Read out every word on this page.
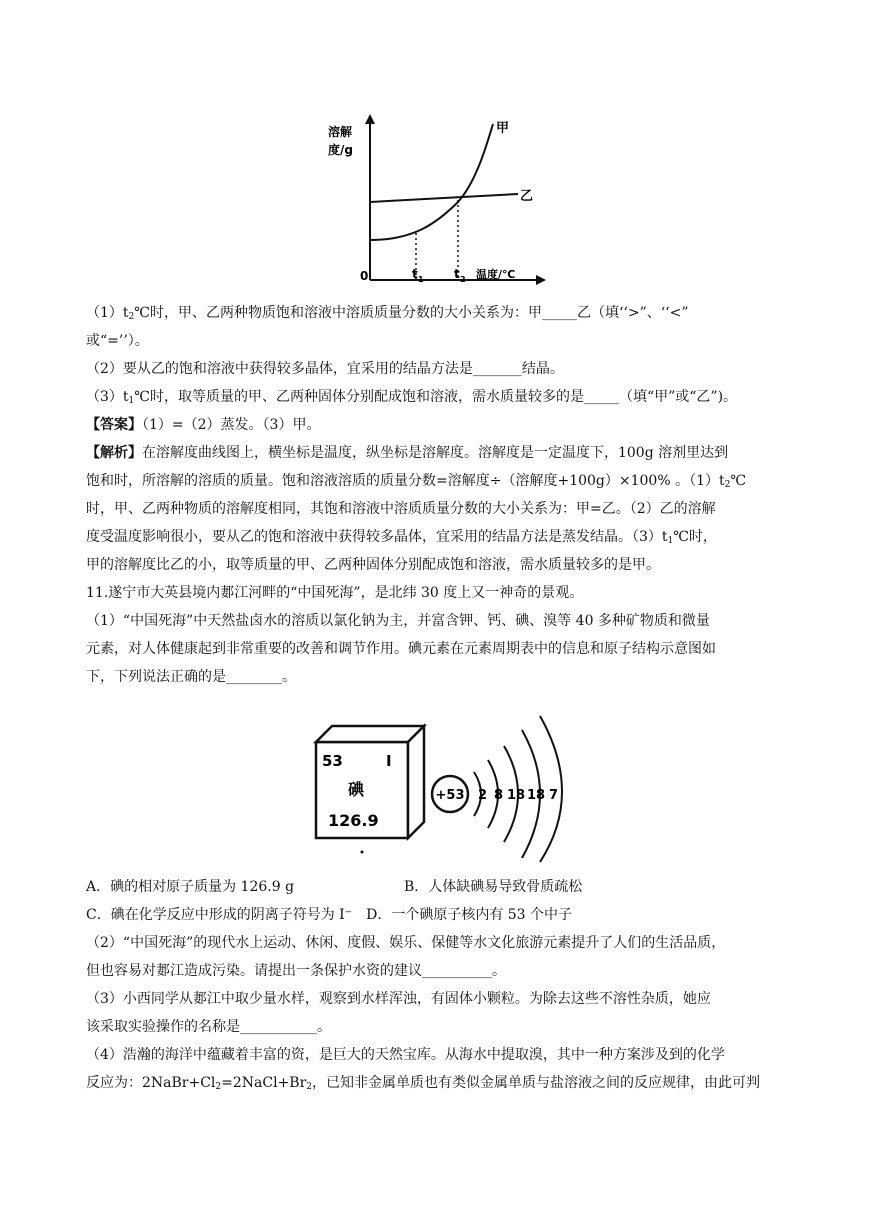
溶解
度/g
0	t 1	t 2 温度/℃
甲
乙
$(1)t_2℃$时，甲、乙两种物质饱和溶液中溶质质量分数的大小关系为：甲_____乙（填‘‘>”、‘‘<”
或“=’’）。
（2）要从乙的饱和溶液中获得较多晶体，宜采用的结晶方法是_______结晶。
$(3)t_1℃$时，取等质量的甲、乙两种固体分别配成饱和溶液，需水质量较多的是_____（填“甲”或“乙”)。
【答案】（1）=（2）蒸发。（3）甲。
【解析】在溶解度曲线图上，横坐标是温度，纵坐标是溶解度。溶解度是一定温度下，100g 溶剂里达到
饱和时，所溶解的溶质的质量。饱和溶液溶质的质量分数=溶解度÷（溶解度+100g）×100% 。$(1)t_2℃$
时，甲、乙两种物质的溶解度相同，其饱和溶液中溶质质量分数的大小关系为：甲=乙。（2）乙的溶解
度受温度影响很小，要从乙的饱和溶液中获得较多晶体，宜采用的结晶方法是蒸发结晶。$(3)t_1℃$时，
甲的溶解度比乙的小，取等质量的甲、乙两种固体分别配成饱和溶液，需水质量较多的是甲。
11.遂宁市大英县境内郪江河畔的“中国死海”，是北纬 30 度上又一神奇的景观。
（1）“中国死海”中天然盐卤水的溶质以氯化钠为主，并富含钾、钙、碘、溴等 40 多种矿物质和微量
元素，对人体健康起到非常重要的改善和调节作用。碘元素在元素周期表中的信息和原子结构示意图如
下，下列说法正确的是________。
53	I
碘
126.9
+53 2 8 18 18 7
A．碘的相对原子质量为 126.9 g	B．人体缺碘易导致骨质疏松
C．碘在化学反应中形成的阴离子符号为 I⁻ D．一个碘原子核内有 53 个中子
（2）“中国死海”的现代水上运动、休闲、度假、娱乐、保健等水文化旅游元素提升了人们的生活品质，
但也容易对郪江造成污染。请提出一条保护水资的建议__________。
（3）小西同学从郪江中取少量水样，观察到水样浑浊，有固体小颗粒。为除去这些不溶性杂质，她应
该采取实验操作的名称是___________。
（4）浩瀚的海洋中蕴藏着丰富的资，是巨大的天然宝库。从海水中提取溴，其中一种方案涉及到的化学
反应为：$2NaBr+Cl_2=2NaCl+Br_2$，已知非金属单质也有类似金属单质与盐溶液之间的反应规律，由此可判
